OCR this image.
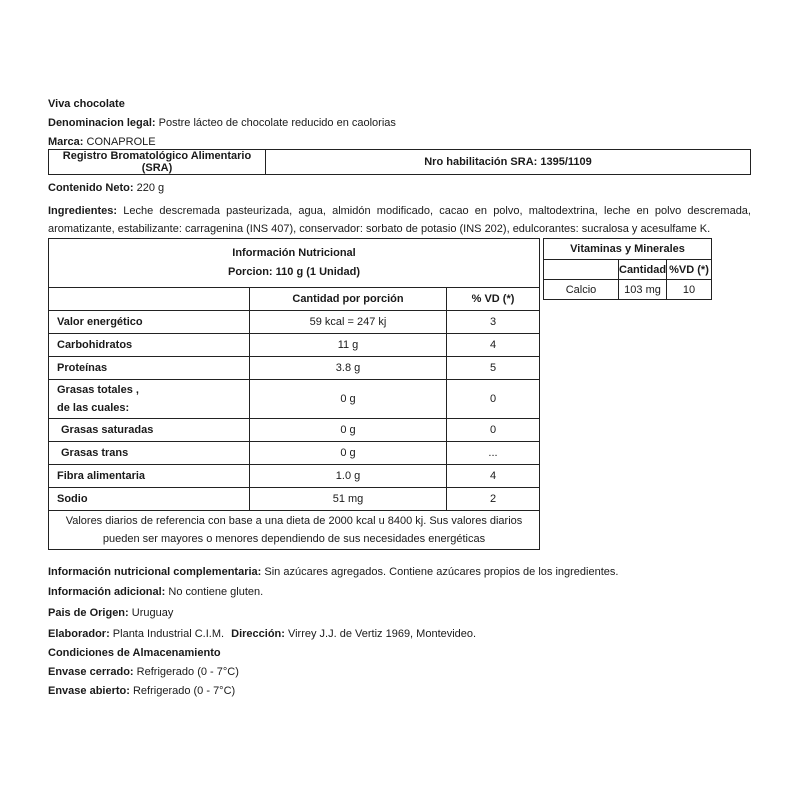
Viva chocolate
Denominacion legal: Postre lácteo de chocolate reducido en caolorias
Marca: CONAPROLE
Registro Bromatológico Alimentario (SRA)	Nro habilitación SRA: 1395/1109
Contenido Neto: 220 g
Ingredientes: Leche descremada pasteurizada, agua, almidón modificado, cacao en polvo, maltodextrina, leche en polvo descremada, aromatizante, estabilizante: carragenina (INS 407), conservador: sorbato de potasio (INS 202), edulcorantes: sucralosa y acesulfame K.
Información Nutricional
Porcion: 110 g (1 Unidad)		

	Cantidad por porción	% VD (*)
Valor energético	59 kcal = 247 kj	3
Carbohidratos	11 g	4
Proteínas	3.8 g	5

Grasas totales ,
de las cuales:	0 g	0
Grasas saturadas	0 g	0
Grasas trans	0 g	...
Fibra alimentaria	1.0 g	4
Sodio	51 mg	2
Valores diarios de referencia con base a una dieta de 2000 kcal u 8400 kj. Sus valores diarios pueden ser mayores o menores dependiendo de sus necesidades energéticas		
Vitaminas y Minerales		
	Cantidad	%VD (*)
Calcio	103 mg	10
Información nutricional complementaria: Sin azúcares agregados. Contiene azúcares propios de los ingredientes.
Información adicional: No contiene gluten.
Pais de Origen: Uruguay
Elaborador: Planta Industrial C.I.M. Dirección: Virrey J.J. de Vertiz 1969, Montevideo.
Condiciones de Almacenamiento
Envase cerrado: Refrigerado (0 - 7°C)
Envase abierto: Refrigerado (0 - 7°C)
